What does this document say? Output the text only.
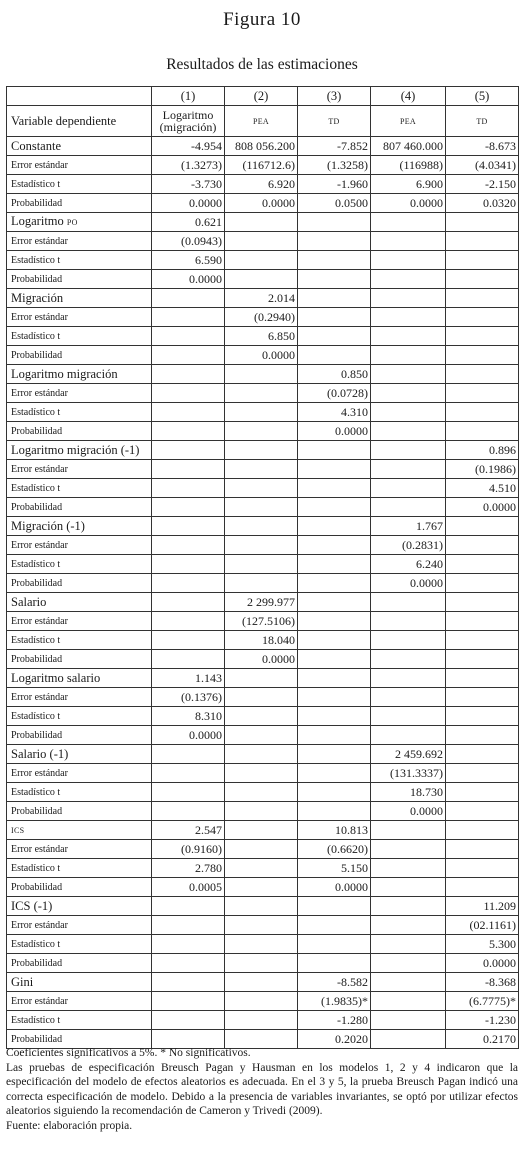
Figura 10
Resultados de las estimaciones
	(1)	(2)	(3)	(4)	(5)
Variable dependiente	Logaritmo (migración)	PEA	TD	PEA	TD
Constante	-4.954	808 056.200	-7.852	807 460.000	-8.673
Error estándar	(1.3273)	(116712.6)	(1.3258)	(116988)	(4.0341)
Estadístico t	-3.730	6.920	-1.960	6.900	-2.150
Probabilidad	0.0000	0.0000	0.0500	0.0000	0.0320
Logaritmo PO	0.621				
Error estándar	(0.0943)				
Estadístico t	6.590				
Probabilidad	0.0000				
Migración		2.014			
Error estándar		(0.2940)			
Estadístico t		6.850			
Probabilidad		0.0000			
Logaritmo migración			0.850		
Error estándar			(0.0728)		
Estadístico t			4.310		
Probabilidad			0.0000		
Logaritmo migración (-1)					0.896
Error estándar					(0.1986)
Estadístico t					4.510
Probabilidad					0.0000
Migración (-1)				1.767	
Error estándar				(0.2831)	
Estadístico t				6.240	
Probabilidad				0.0000	
Salario		2 299.977			
Error estándar		(127.5106)			
Estadístico t		18.040			
Probabilidad		0.0000			
Logaritmo salario	1.143				
Error estándar	(0.1376)				
Estadístico t	8.310				
Probabilidad	0.0000				
Salario (-1)				2 459.692	
Error estándar				(131.3337)	
Estadístico t				18.730	
Probabilidad				0.0000	
ICS	2.547		10.813		
Error estándar	(0.9160)		(0.6620)		
Estadístico t	2.780		5.150		
Probabilidad	0.0005		0.0000		
ICS (-1)					11.209
Error estándar					(02.1161)
Estadístico t					5.300
Probabilidad					0.0000
Gini			-8.582		-8.368
Error estándar			(1.9835)*		(6.7775)*
Estadístico t			-1.280		-1.230
Probabilidad			0.2020		0.2170

Coeficientes significativos a 5%. * No significativos.

Las pruebas de especificación Breusch Pagan y Hausman en los modelos 1, 2 y 4 indicaron que la especificación del modelo de efectos aleatorios es adecuada. En el 3 y 5, la prueba Breusch Pagan indicó una correcta especificación de modelo. Debido a la presencia de variables invariantes, se optó por utilizar efectos aleatorios siguiendo la recomendación de Cameron y Trivedi (2009).

Fuente: elaboración propia.
